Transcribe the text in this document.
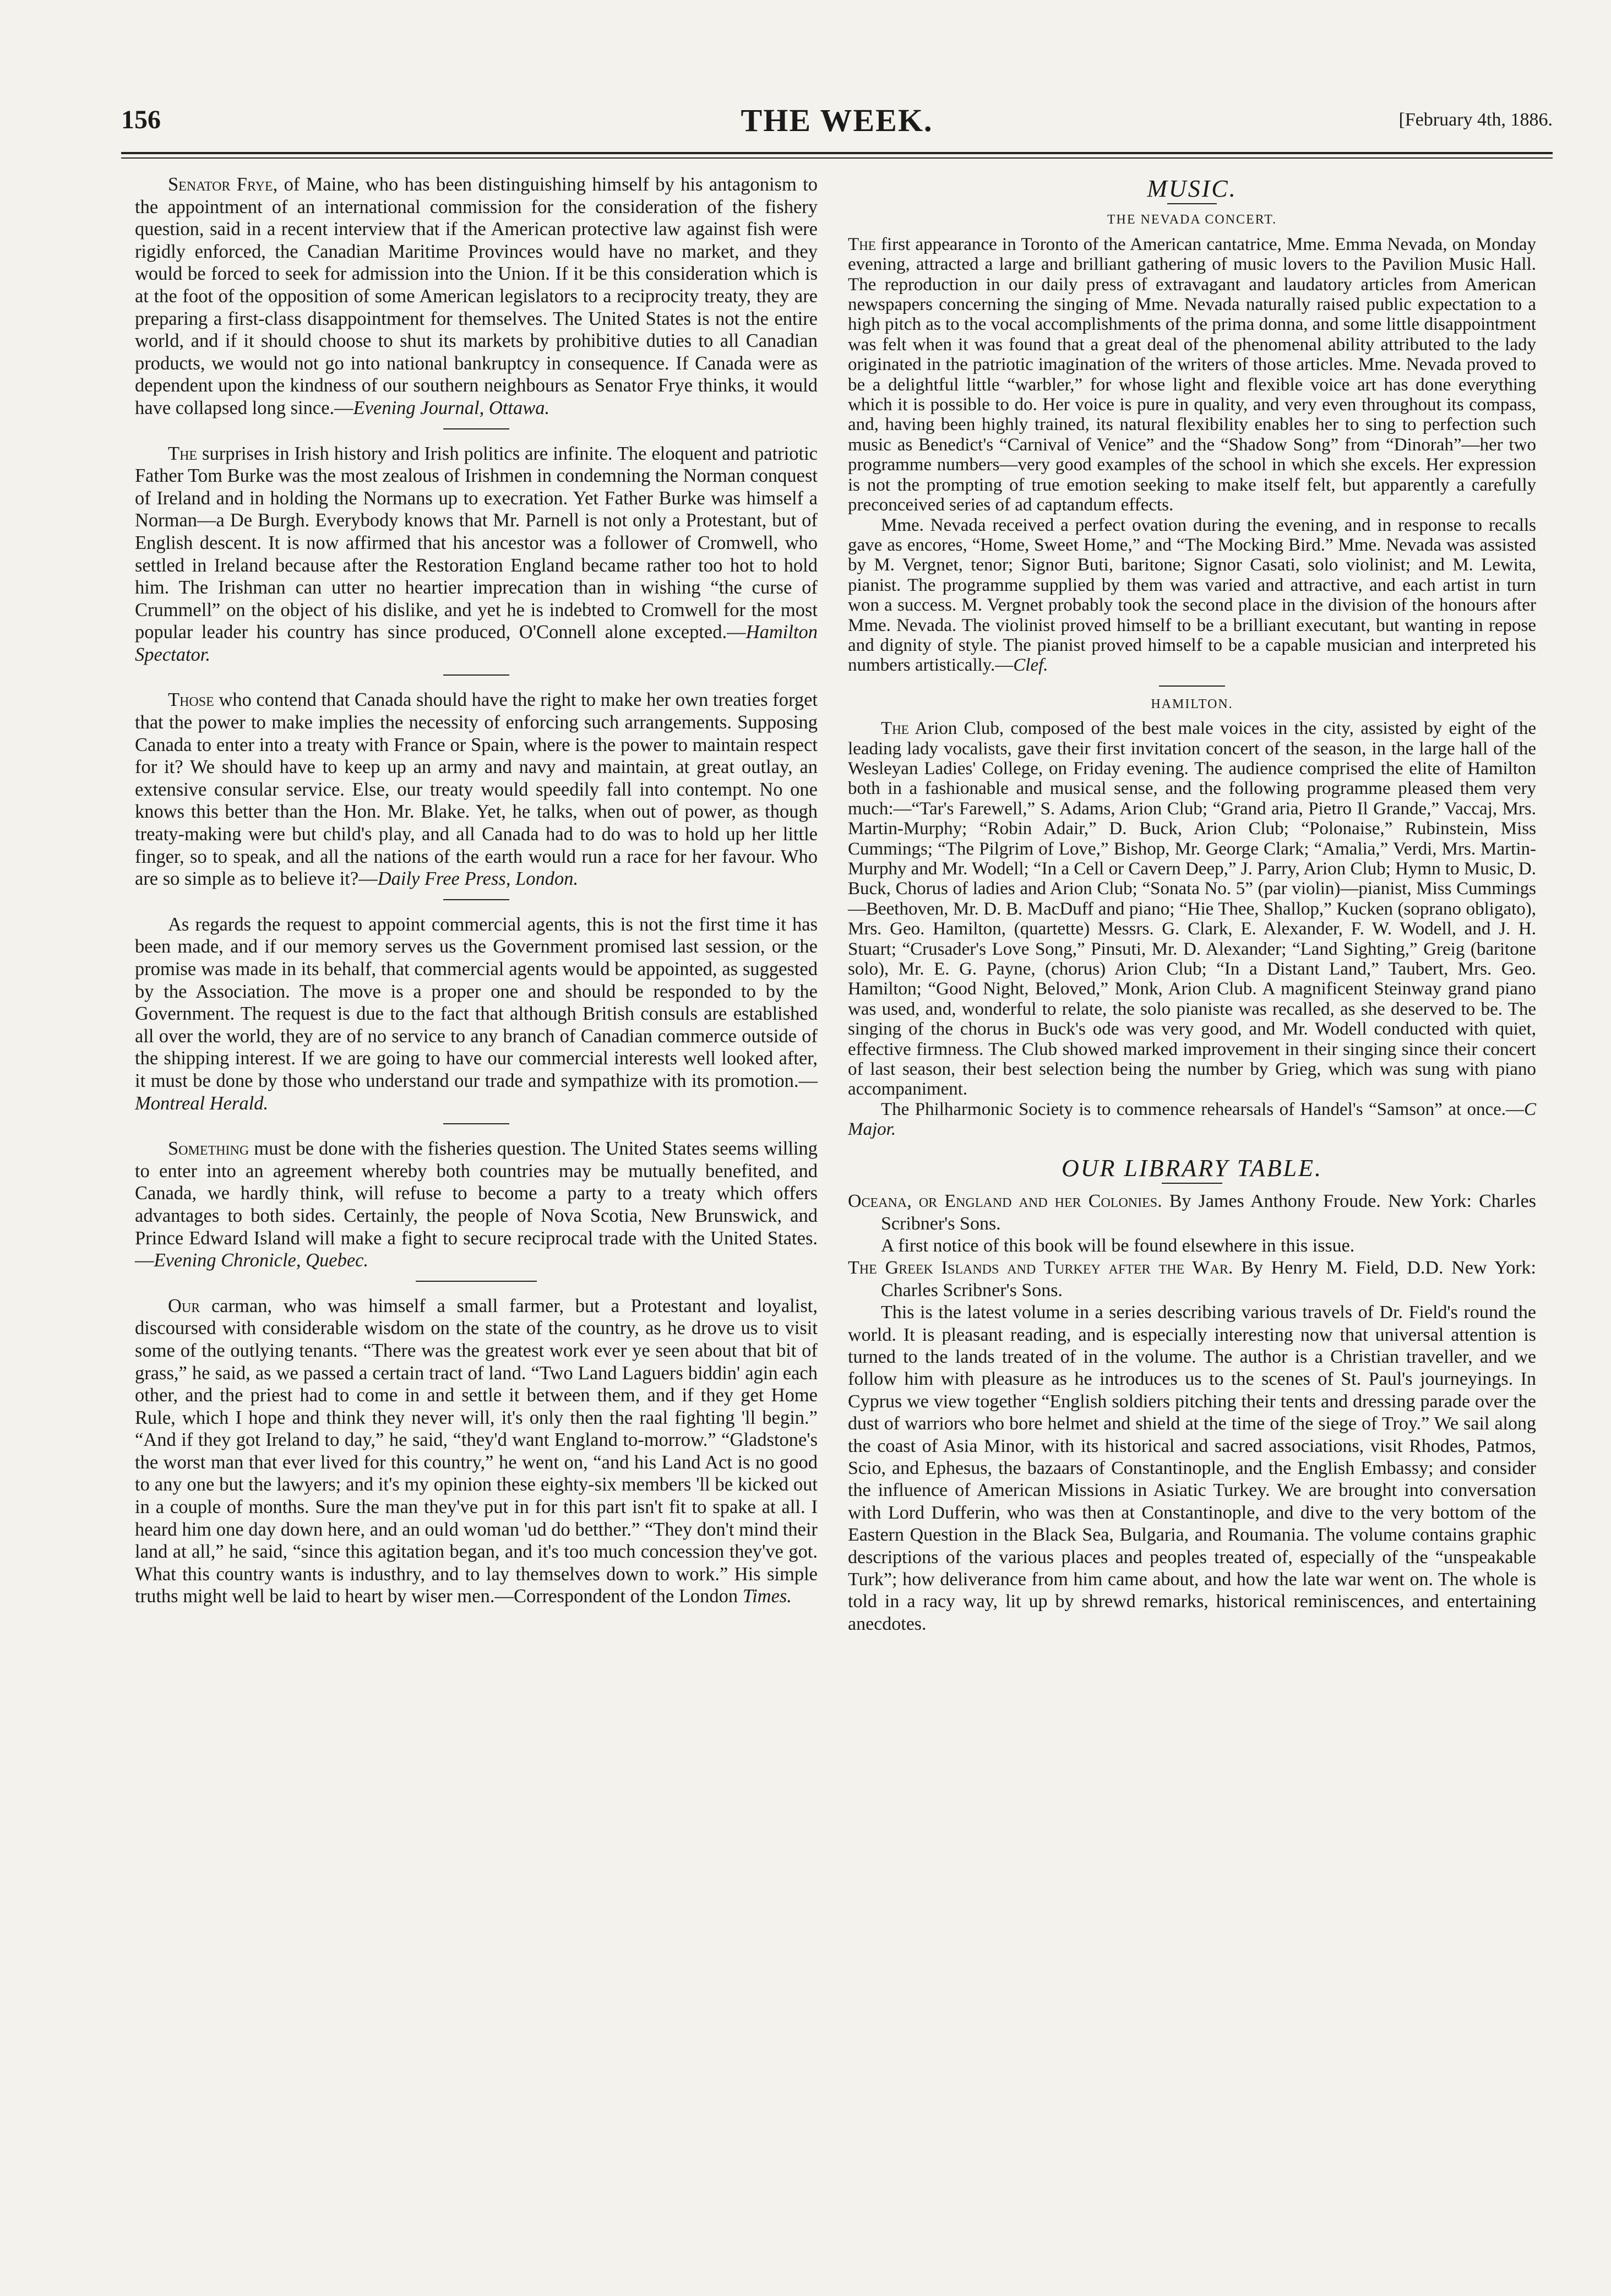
156	THE WEEK.	[February 4th, 1886.

Senator Frye, of Maine, who has been distinguishing himself by his antagonism to the appointment of an international commission for the consideration of the fishery question, said in a recent interview that if the American protective law against fish were rigidly enforced, the Canadian Maritime Provinces would have no market, and they would be forced to seek for admission into the Union. If it be this consideration which is at the foot of the opposition of some American legislators to a reciprocity treaty, they are preparing a first-class disappointment for themselves. The United States is not the entire world, and if it should choose to shut its markets by prohibitive duties to all Canadian products, we would not go into national bankruptcy in consequence. If Canada were as dependent upon the kindness of our southern neighbours as Senator Frye thinks, it would have collapsed long since.—Evening Journal, Ottawa.

The surprises in Irish history and Irish politics are infinite. The eloquent and patriotic Father Tom Burke was the most zealous of Irishmen in condemning the Norman conquest of Ireland and in holding the Normans up to execration. Yet Father Burke was himself a Norman—a De Burgh. Everybody knows that Mr. Parnell is not only a Protestant, but of English descent. It is now affirmed that his ancestor was a follower of Cromwell, who settled in Ireland because after the Restoration England became rather too hot to hold him. The Irishman can utter no heartier imprecation than in wishing “the curse of Crummell” on the object of his dislike, and yet he is indebted to Cromwell for the most popular leader his country has since produced, O'Connell alone excepted.—Hamilton Spectator.

Those who contend that Canada should have the right to make her own treaties forget that the power to make implies the necessity of enforcing such arrangements. Supposing Canada to enter into a treaty with France or Spain, where is the power to maintain respect for it? We should have to keep up an army and navy and maintain, at great outlay, an extensive consular service. Else, our treaty would speedily fall into contempt. No one knows this better than the Hon. Mr. Blake. Yet, he talks, when out of power, as though treaty-making were but child's play, and all Canada had to do was to hold up her little finger, so to speak, and all the nations of the earth would run a race for her favour. Who are so simple as to believe it?—Daily Free Press, London.

As regards the request to appoint commercial agents, this is not the first time it has been made, and if our memory serves us the Government promised last session, or the promise was made in its behalf, that commercial agents would be appointed, as suggested by the Association. The move is a proper one and should be responded to by the Government. The request is due to the fact that although British consuls are established all over the world, they are of no service to any branch of Canadian commerce outside of the shipping interest. If we are going to have our commercial interests well looked after, it must be done by those who understand our trade and sympathize with its promotion.—Montreal Herald.

Something must be done with the fisheries question. The United States seems willing to enter into an agreement whereby both countries may be mutually benefited, and Canada, we hardly think, will refuse to become a party to a treaty which offers advantages to both sides. Certainly, the people of Nova Scotia, New Brunswick, and Prince Edward Island will make a fight to secure reciprocal trade with the United States.—Evening Chronicle, Quebec.

Our carman, who was himself a small farmer, but a Protestant and loyalist, discoursed with considerable wisdom on the state of the country, as he drove us to visit some of the outlying tenants. “There was the greatest work ever ye seen about that bit of grass,” he said, as we passed a certain tract of land. “Two Land Laguers biddin' agin each other, and the priest had to come in and settle it between them, and if they get Home Rule, which I hope and think they never will, it's only then the raal fighting 'll begin.” “And if they got Ireland to day,” he said, “they'd want England to-morrow.” “Gladstone's the worst man that ever lived for this country,” he went on, “and his Land Act is no good to any one but the lawyers; and it's my opinion these eighty-six members 'll be kicked out in a couple of months. Sure the man they've put in for this part isn't fit to spake at all. I heard him one day down here, and an ould woman 'ud do betther.” “They don't mind their land at all,” he said, “since this agitation began, and it's too much concession they've got. What this country wants is industhry, and to lay themselves down to work.” His simple truths might well be laid to heart by wiser men.—Correspondent of the London Times.

MUSIC.
THE NEVADA CONCERT.

The first appearance in Toronto of the American cantatrice, Mme. Emma Nevada, on Monday evening, attracted a large and brilliant gathering of music lovers to the Pavilion Music Hall. The reproduction in our daily press of extravagant and laudatory articles from American newspapers concerning the singing of Mme. Nevada naturally raised public expectation to a high pitch as to the vocal accomplishments of the prima donna, and some little disappointment was felt when it was found that a great deal of the phenomenal ability attributed to the lady originated in the patriotic imagination of the writers of those articles. Mme. Nevada proved to be a delightful little “warbler,” for whose light and flexible voice art has done everything which it is possible to do. Her voice is pure in quality, and very even throughout its compass, and, having been highly trained, its natural flexibility enables her to sing to perfection such music as Benedict's “Carnival of Venice” and the “Shadow Song” from “Dinorah”—her two programme numbers—very good examples of the school in which she excels. Her expression is not the prompting of true emotion seeking to make itself felt, but apparently a carefully preconceived series of ad captandum effects.

Mme. Nevada received a perfect ovation during the evening, and in response to recalls gave as encores, “Home, Sweet Home,” and “The Mocking Bird.” Mme. Nevada was assisted by M. Vergnet, tenor; Signor Buti, baritone; Signor Casati, solo violinist; and M. Lewita, pianist. The programme supplied by them was varied and attractive, and each artist in turn won a success. M. Vergnet probably took the second place in the division of the honours after Mme. Nevada. The violinist proved himself to be a brilliant executant, but wanting in repose and dignity of style. The pianist proved himself to be a capable musician and interpreted his numbers artistically.—Clef.

HAMILTON.

The Arion Club, composed of the best male voices in the city, assisted by eight of the leading lady vocalists, gave their first invitation concert of the season, in the large hall of the Wesleyan Ladies' College, on Friday evening. The audience comprised the elite of Hamilton both in a fashionable and musical sense, and the following programme pleased them very much:—“Tar's Farewell,” S. Adams, Arion Club; “Grand aria, Pietro Il Grande,” Vaccaj, Mrs. Martin-Murphy; “Robin Adair,” D. Buck, Arion Club; “Polonaise,” Rubinstein, Miss Cummings; “The Pilgrim of Love,” Bishop, Mr. George Clark; “Amalia,” Verdi, Mrs. Martin-Murphy and Mr. Wodell; “In a Cell or Cavern Deep,” J. Parry, Arion Club; Hymn to Music, D. Buck, Chorus of ladies and Arion Club; “Sonata No. 5” (par violin)—pianist, Miss Cummings—Beethoven, Mr. D. B. MacDuff and piano; “Hie Thee, Shallop,” Kucken (soprano obligato), Mrs. Geo. Hamilton, (quartette) Messrs. G. Clark, E. Alexander, F. W. Wodell, and J. H. Stuart; “Crusader's Love Song,” Pinsuti, Mr. D. Alexander; “Land Sighting,” Greig (baritone solo), Mr. E. G. Payne, (chorus) Arion Club; “In a Distant Land,” Taubert, Mrs. Geo. Hamilton; “Good Night, Beloved,” Monk, Arion Club. A magnificent Steinway grand piano was used, and, wonderful to relate, the solo pianiste was recalled, as she deserved to be. The singing of the chorus in Buck's ode was very good, and Mr. Wodell conducted with quiet, effective firmness. The Club showed marked improvement in their singing since their concert of last season, their best selection being the number by Grieg, which was sung with piano accompaniment.

The Philharmonic Society is to commence rehearsals of Handel's “Samson” at once.—C Major.

OUR LIBRARY TABLE.

Oceana, or England and her Colonies. By James Anthony Froude. New York: Charles Scribner's Sons.

A first notice of this book will be found elsewhere in this issue.

The Greek Islands and Turkey after the War. By Henry M. Field, D.D. New York: Charles Scribner's Sons.

This is the latest volume in a series describing various travels of Dr. Field's round the world. It is pleasant reading, and is especially interesting now that universal attention is turned to the lands treated of in the volume. The author is a Christian traveller, and we follow him with pleasure as he introduces us to the scenes of St. Paul's journeyings. In Cyprus we view together “English soldiers pitching their tents and dressing parade over the dust of warriors who bore helmet and shield at the time of the siege of Troy.” We sail along the coast of Asia Minor, with its historical and sacred associations, visit Rhodes, Patmos, Scio, and Ephesus, the bazaars of Constantinople, and the English Embassy; and consider the influence of American Missions in Asiatic Turkey. We are brought into conversation with Lord Dufferin, who was then at Constantinople, and dive to the very bottom of the Eastern Question in the Black Sea, Bulgaria, and Roumania. The volume contains graphic descriptions of the various places and peoples treated of, especially of the “unspeakable Turk”; how deliverance from him came about, and how the late war went on. The whole is told in a racy way, lit up by shrewd remarks, historical reminiscences, and entertaining anecdotes.
